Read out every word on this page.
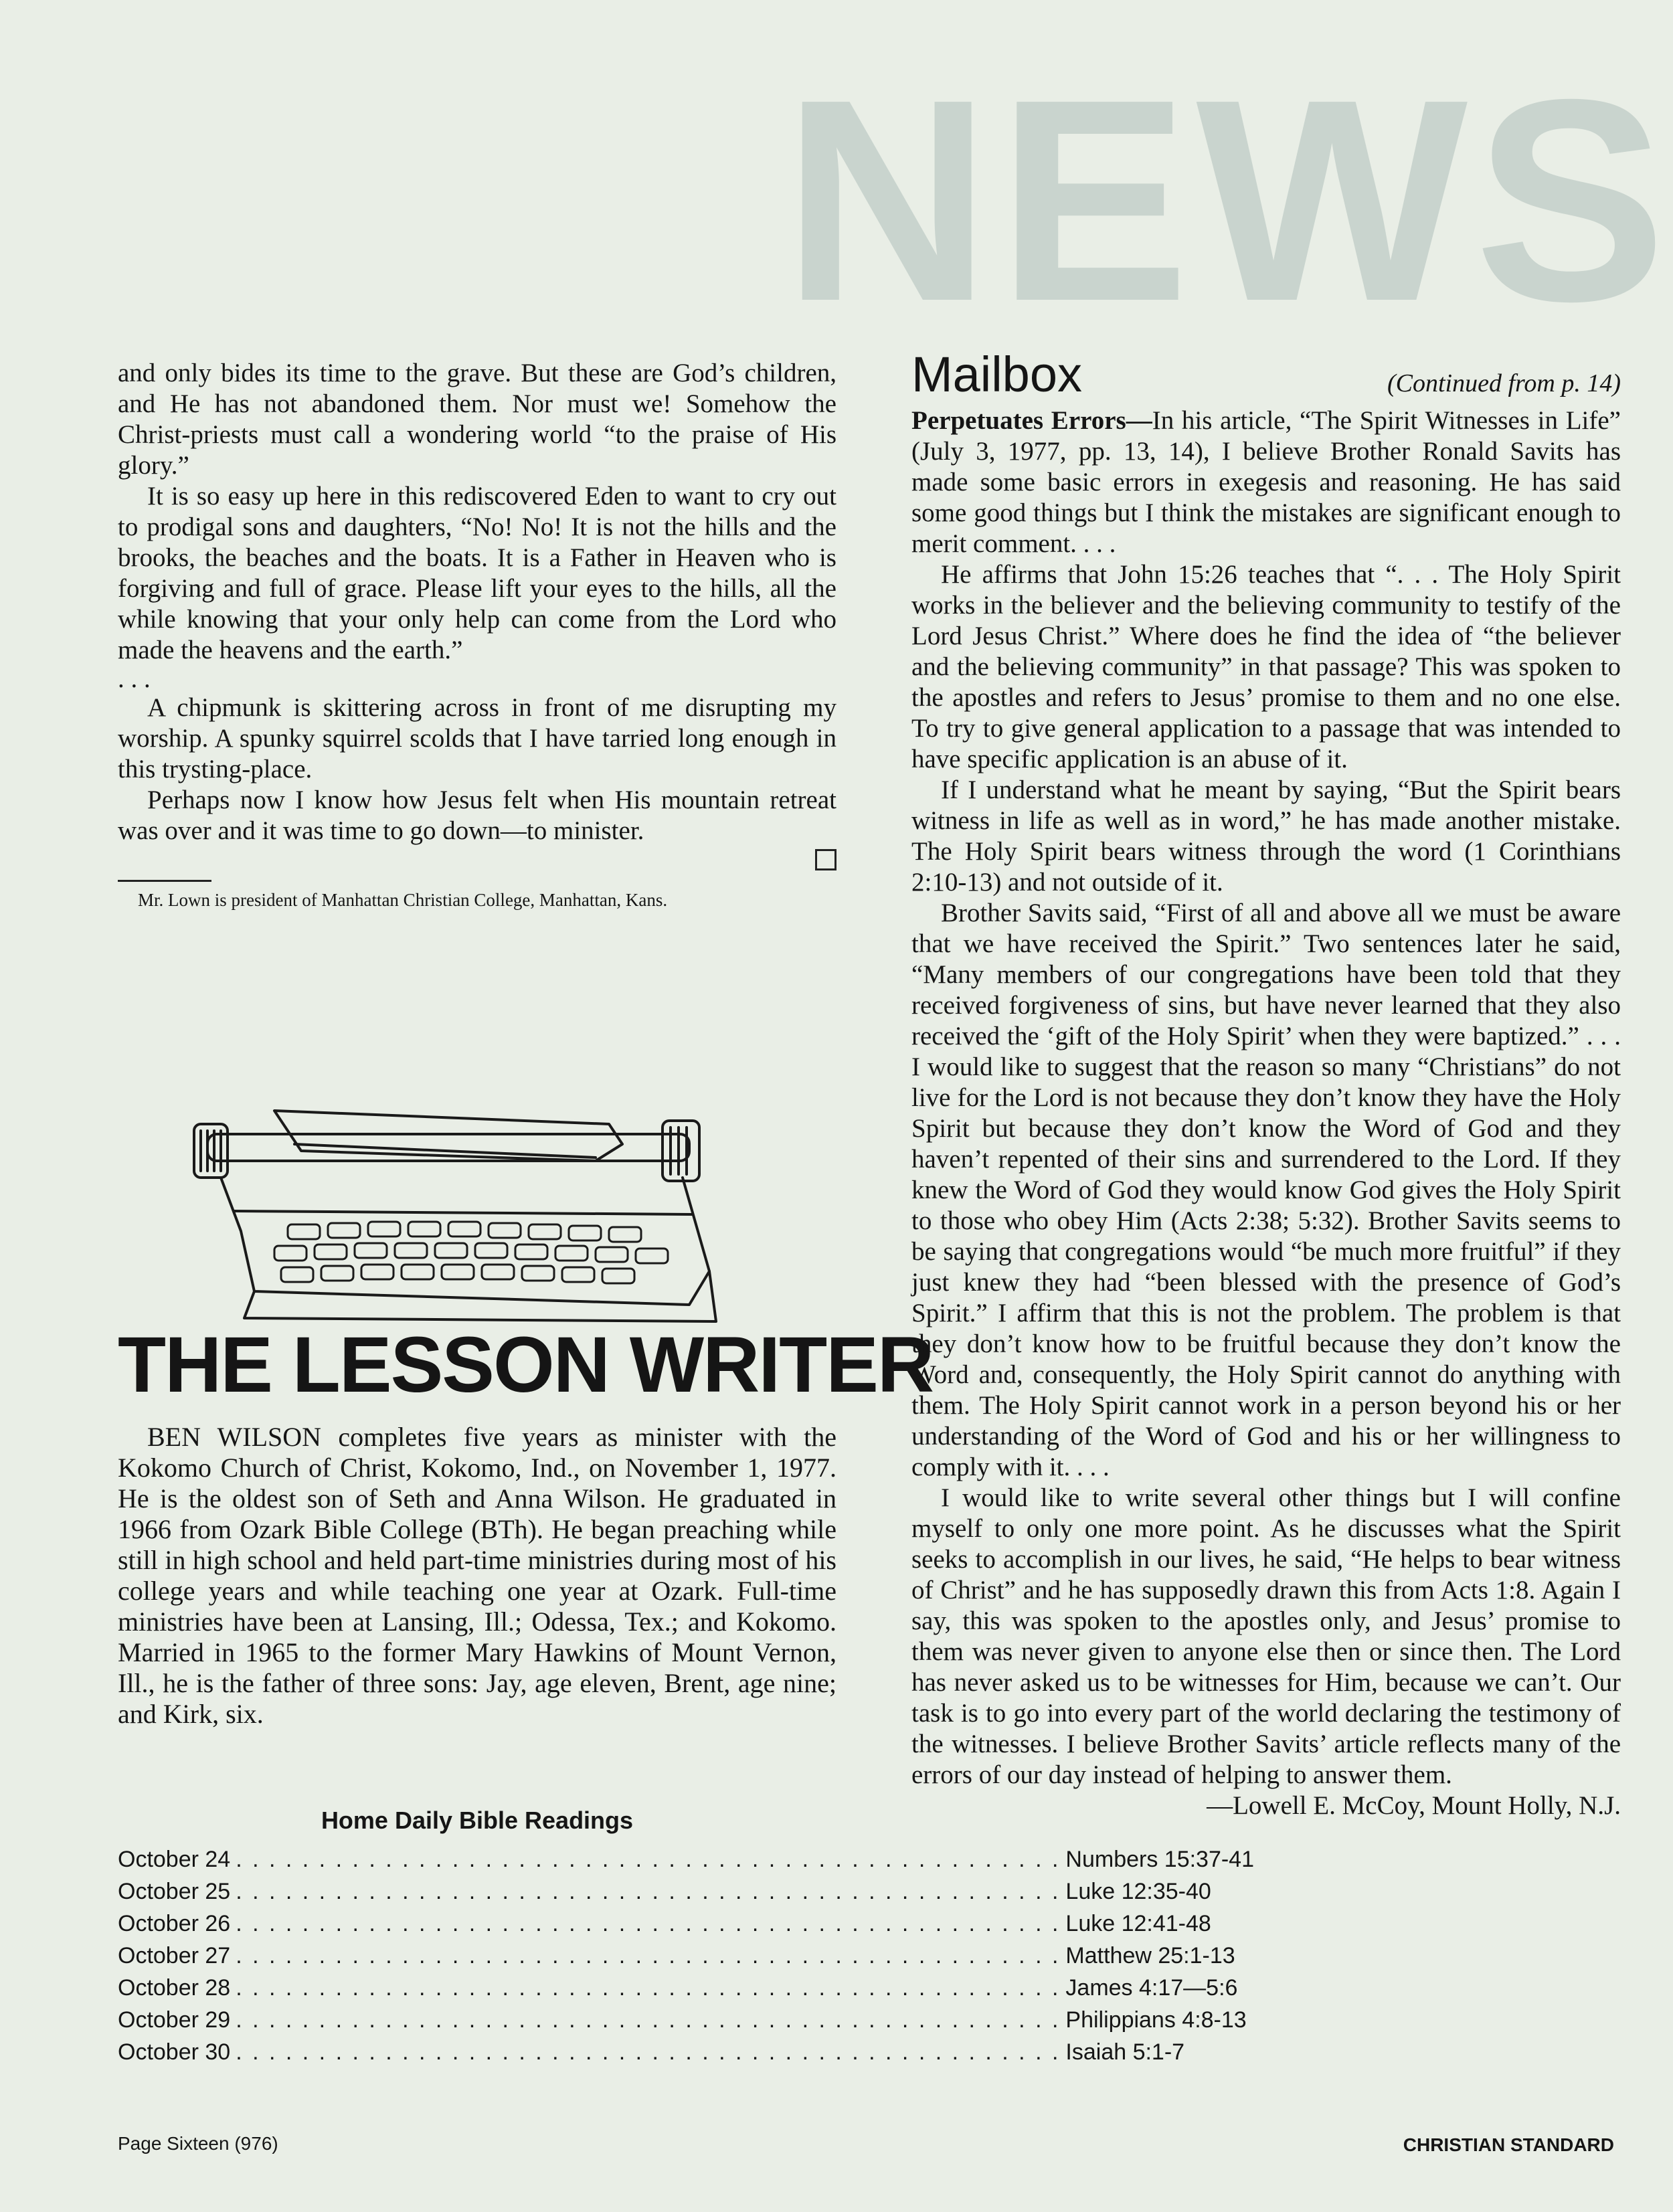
NEWS

and only bides its time to the grave. But these are God’s children, and He has not abandoned them. Nor must we! Somehow the Christ-priests must call a wondering world “to the praise of His glory.”

It is so easy up here in this rediscovered Eden to want to cry out to prodigal sons and daughters, “No! No! It is not the hills and the brooks, the beaches and the boats. It is a Father in Heaven who is forgiving and full of grace. Please lift your eyes to the hills, all the while knowing that your only help can come from the Lord who made the heavens and the earth.”

. . .

A chipmunk is skittering across in front of me disrupting my worship. A spunky squirrel scolds that I have tarried long enough in this trysting-place.

Perhaps now I know how Jesus felt when His mountain retreat was over and it was time to go down—to minister.

Mr. Lown is president of Manhattan Christian College, Manhattan, Kans.

THE LESSON WRITER

BEN WILSON completes five years as minister with the Kokomo Church of Christ, Kokomo, Ind., on November 1, 1977. He is the oldest son of Seth and Anna Wilson. He graduated in 1966 from Ozark Bible College (BTh). He began preaching while still in high school and held part-time ministries during most of his college years and while teaching one year at Ozark. Full-time ministries have been at Lansing, Ill.; Odessa, Tex.; and Kokomo. Married in 1965 to the former Mary Hawkins of Mount Vernon, Ill., he is the father of three sons: Jay, age eleven, Brent, age nine; and Kirk, six.

Home Daily Bible Readings
October 24 . . . . . . . . . . . . . . . . . . . . . . . . . . . . . . . . . . . . . . . . . . . . . . . . . . Numbers 15:37-41
October 25 . . . . . . . . . . . . . . . . . . . . . . . . . . . . . . . . . . . . . . . . . . . . . . . . . . Luke 12:35-40
October 26 . . . . . . . . . . . . . . . . . . . . . . . . . . . . . . . . . . . . . . . . . . . . . . . . . . Luke 12:41-48
October 27 . . . . . . . . . . . . . . . . . . . . . . . . . . . . . . . . . . . . . . . . . . . . . . . . . . Matthew 25:1-13
October 28 . . . . . . . . . . . . . . . . . . . . . . . . . . . . . . . . . . . . . . . . . . . . . . . . . . James 4:17—5:6
October 29 . . . . . . . . . . . . . . . . . . . . . . . . . . . . . . . . . . . . . . . . . . . . . . . . . . Philippians 4:8-13
October 30 . . . . . . . . . . . . . . . . . . . . . . . . . . . . . . . . . . . . . . . . . . . . . . . . . . Isaiah 5:1-7
Mailbox	(Continued from p. 14)

Perpetuates Errors—In his article, “The Spirit Witnesses in Life” (July 3, 1977, pp. 13, 14), I believe Brother Ronald Savits has made some basic errors in exegesis and reasoning. He has said some good things but I think the mistakes are significant enough to merit comment. . . .

He affirms that John 15:26 teaches that “. . . The Holy Spirit works in the believer and the believing community to testify of the Lord Jesus Christ.” Where does he find the idea of “the believer and the believing community” in that passage? This was spoken to the apostles and refers to Jesus’ promise to them and no one else. To try to give general application to a passage that was intended to have specific application is an abuse of it.

If I understand what he meant by saying, “But the Spirit bears witness in life as well as in word,” he has made another mistake. The Holy Spirit bears witness through the word (1 Corinthians 2:10-13) and not outside of it.

Brother Savits said, “First of all and above all we must be aware that we have received the Spirit.” Two sentences later he said, “Many members of our congregations have been told that they received forgiveness of sins, but have never learned that they also received the ‘gift of the Holy Spirit’ when they were baptized.” . . . I would like to suggest that the reason so many “Christians” do not live for the Lord is not because they don’t know they have the Holy Spirit but because they don’t know the Word of God and they haven’t repented of their sins and surrendered to the Lord. If they knew the Word of God they would know God gives the Holy Spirit to those who obey Him (Acts 2:38; 5:32). Brother Savits seems to be saying that congregations would “be much more fruitful” if they just knew they had “been blessed with the presence of God’s Spirit.” I affirm that this is not the problem. The problem is that they don’t know how to be fruitful because they don’t know the Word and, consequently, the Holy Spirit cannot do anything with them. The Holy Spirit cannot work in a person beyond his or her understanding of the Word of God and his or her willingness to comply with it. . . .

I would like to write several other things but I will confine myself to only one more point. As he discusses what the Spirit seeks to accomplish in our lives, he said, “He helps to bear witness of Christ” and he has supposedly drawn this from Acts 1:8. Again I say, this was spoken to the apostles only, and Jesus’ promise to them was never given to anyone else then or since then. The Lord has never asked us to be witnesses for Him, because we can’t. Our task is to go into every part of the world declaring the testimony of the witnesses. I believe Brother Savits’ article reflects many of the errors of our day instead of helping to answer them.

—Lowell E. McCoy, Mount Holly, N.J.

Page Sixteen (976)	CHRISTIAN STANDARD
